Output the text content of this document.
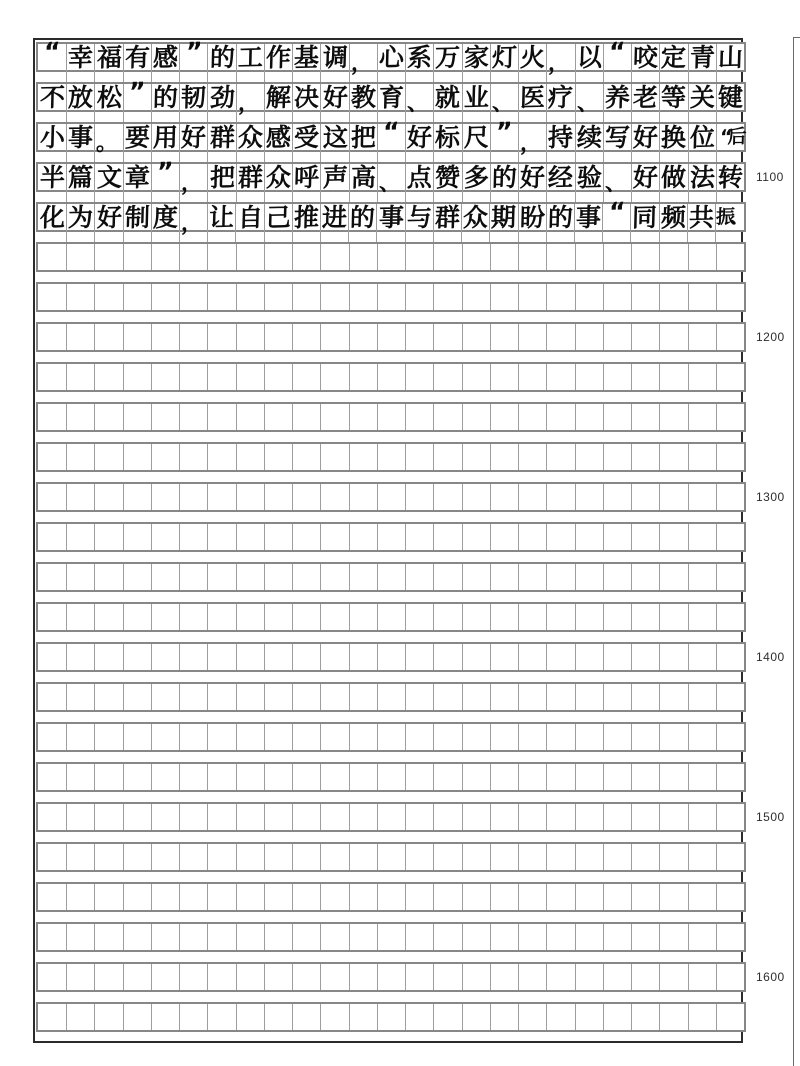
“ 幸 福 有 感 ” 的 工 作 基 调 ， 心 系 万 家 灯 火 ， 以 “ 咬 定 青 山
不 放 松 ” 的 韧 劲 ， 解 决 好 教 育 、 就 业 、 医 疗 、 养 老 等 关 键
小 事 。 要 用 好 群 众 感 受 这 把 “ 好 标 尺 ” ， 持 续 写 好 换 位 “后
半 篇 文 章 ” ， 把 群 众 呼 声 高 、 点 赞 多 的 好 经 验 、 好 做 法 转
化 为 好 制 度 ， 让 自 己 推 进 的 事 与 群 众 期 盼 的 事 “ 同 频 共 振、
1100
1200
1300
1400
1500
1600
